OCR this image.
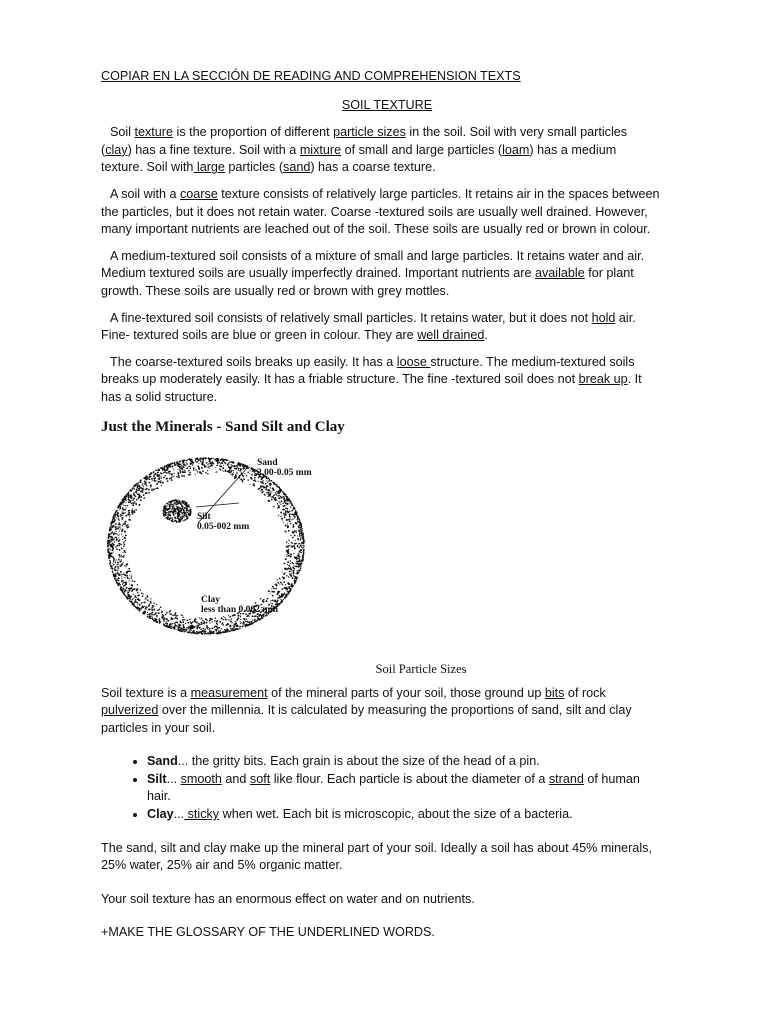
COPIAR EN LA SECCIÓN DE READING AND COMPREHENSION TEXTS

SOIL TEXTURE

Soil texture is the proportion of different particle sizes in the soil. Soil with very small particles (clay) has a fine texture. Soil with a mixture of small and large particles (loam) has a medium texture. Soil with large particles (sand) has a coarse texture.

A soil with a coarse texture consists of relatively large particles. It retains air in the spaces between the particles, but it does not retain water. Coarse -textured soils are usually well drained. However, many important nutrients are leached out of the soil. These soils are usually red or brown in colour.

A medium-textured soil consists of a mixture of small and large particles. It retains water and air. Medium textured soils are usually imperfectly drained. Important nutrients are available for plant growth. These soils are usually red or brown with grey mottles.

A fine-textured soil consists of relatively small particles. It retains water, but it does not hold air. Fine- textured soils are blue or green in colour. They are well drained.

The coarse-textured soils breaks up easily. It has a loose structure. The medium-textured soils breaks up moderately easily. It has a friable structure. The fine -textured soil does not break up. It has a solid structure.

Just the Minerals - Sand Silt and Clay

Sand
2.00-0.05 mm
Silt
0.05-002 mm
Clay
less than 0.002 mm
Soil Particle Sizes

Soil texture is a measurement of the mineral parts of your soil, those ground up bits of rock pulverized over the millennia. It is calculated by measuring the proportions of sand, silt and clay particles in your soil.

• Sand... the gritty bits. Each grain is about the size of the head of a pin.
• Silt... smooth and soft like flour. Each particle is about the diameter of a strand of human hair.
• Clay... sticky when wet. Each bit is microscopic, about the size of a bacteria.

The sand, silt and clay make up the mineral part of your soil. Ideally a soil has about 45% minerals, 25% water, 25% air and 5% organic matter.

Your soil texture has an enormous effect on water and on nutrients.

+MAKE THE GLOSSARY OF THE UNDERLINED WORDS.
